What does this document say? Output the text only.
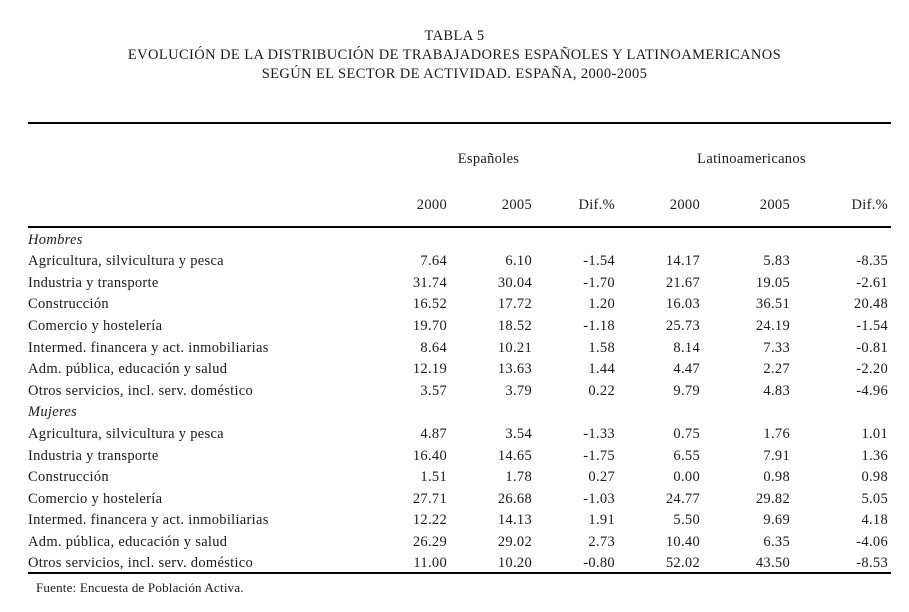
TABLA 5
EVOLUCIÓN DE LA DISTRIBUCIÓN DE TRABAJADORES ESPAÑOLES Y LATINOAMERICANOS
SEGÚN EL SECTOR DE ACTIVIDAD. ESPAÑA, 2000-2005
	Españoles			Latinoamericanos		
	2000	2005	Dif.%	2000	2005	Dif.%
Hombres						
Agricultura, silvicultura y pesca	7.64	6.10	-1.54	14.17	5.83	-8.35
Industria y transporte	31.74	30.04	-1.70	21.67	19.05	-2.61
Construcción	16.52	17.72	1.20	16.03	36.51	20.48
Comercio y hostelería	19.70	18.52	-1.18	25.73	24.19	-1.54
Intermed. financera y act. inmobiliarias	8.64	10.21	1.58	8.14	7.33	-0.81
Adm. pública, educación y salud	12.19	13.63	1.44	4.47	2.27	-2.20
Otros servicios, incl. serv. doméstico	3.57	3.79	0.22	9.79	4.83	-4.96
Mujeres						
Agricultura, silvicultura y pesca	4.87	3.54	-1.33	0.75	1.76	1.01
Industria y transporte	16.40	14.65	-1.75	6.55	7.91	1.36
Construcción	1.51	1.78	0.27	0.00	0.98	0.98
Comercio y hostelería	27.71	26.68	-1.03	24.77	29.82	5.05
Intermed. financera y act. inmobiliarias	12.22	14.13	1.91	5.50	9.69	4.18
Adm. pública, educación y salud	26.29	29.02	2.73	10.40	6.35	-4.06
Otros servicios, incl. serv. doméstico	11.00	10.20	-0.80	52.02	43.50	-8.53
Fuente: Encuesta de Población Activa.
